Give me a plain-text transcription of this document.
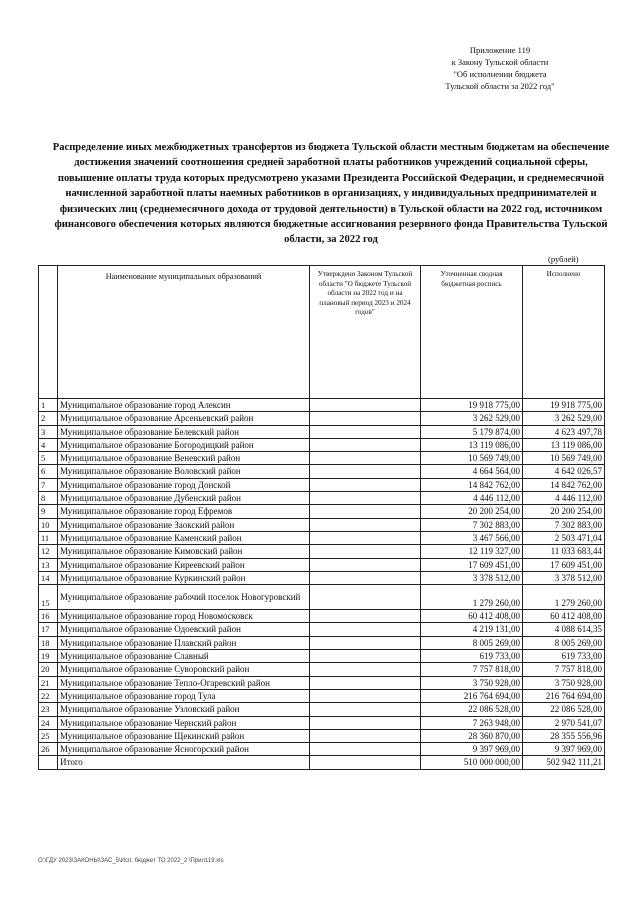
Приложение 119
к Закону Тульской области
"Об исполнении бюджета
Тульской области за 2022 год"
Распределение иных межбюджетных трансфертов из бюджета Тульской области местным бюджетам на обеспечение достижения значений соотношения средней заработной платы работников учреждений социальной сферы, повышение оплаты труда которых предусмотрено указами Президента Российской Федерации, и среднемесячной начисленной заработной платы наемных работников в организациях, у индивидуальных предпринимателей и физических лиц (среднемесячного дохода от трудовой деятельности) в Тульской области на 2022 год, источником финансового обеспечения которых являются бюджетные ассигнования резервного фонда Правительства Тульской области, за 2022 год
(рублей)
	Наименование муниципальных образований	Утверждено Законом Тульской области "О бюджете Тульской области на 2022 год и на плановый период 2023 и 2024 годов"	Уточненная сводная бюджетная роспись	Исполнено
1	Муниципальное образование город Алексин		19 918 775,00	19 918 775,00
2	Муниципальное образование Арсеньевский район		3 262 529,00	3 262 529,00
3	Муниципальное образование Белевский район		5 179 874,00	4 623 497,78
4	Муниципальное образование Богородицкий район		13 119 086,00	13 119 086,00
5	Муниципальное образование Веневский район		10 569 749,00	10 569 749,00
6	Муниципальное образование Воловский район		4 664 564,00	4 642 026,57
7	Муниципальное образование город Донской		14 842 762,00	14 842 762,00
8	Муниципальное образование Дубенский район		4 446 112,00	4 446 112,00
9	Муниципальное образование город Ефремов		20 200 254,00	20 200 254,00
10	Муниципальное образование Заокский район		7 302 883,00	7 302 883,00
11	Муниципальное образование Каменский район		3 467 566,00	2 503 471,04
12	Муниципальное образование Кимовский район		12 119 327,00	11 033 683,44
13	Муниципальное образование Киреевский район		17 609 451,00	17 609 451,00
14	Муниципальное образование Куркинский район		3 378 512,00	3 378 512,00
15	Муниципальное образование рабочий поселок Новогуровский		1 279 260,00	1 279 260,00
16	Муниципальное образование город Новомосковск		60 412 408,00	60 412 408,00
17	Муниципальное образование Одоевский район		4 219 131,00	4 088 614,35
18	Муниципальное образование Плавский район		8 005 269,00	8 005 269,00
19	Муниципальное образование Славный		619 733,00	619 733,00
20	Муниципальное образование Суворовский район		7 757 818,00	7 757 818,00
21	Муниципальное образование Тепло-Огаревский район		3 750 928,00	3 750 928,00
22	Муниципальное образование город Тула		216 764 694,00	216 764 694,00
23	Муниципальное образование Узловский район		22 086 528,00	22 086 528,00
24	Муниципальное образование Чернский район		7 263 948,00	2 970 541,07
25	Муниципальное образование Щекинский район		28 360 870,00	28 355 556,96
26	Муниципальное образование Ясногорский район		9 397 969,00	9 397 969,00
	Итого		510 000 000,00	502 942 111,21
O:\ГДУ 2023\ЗАКОНЫ\ЗАС_5\Исп. бюджет ТО 2022_2 \Прил119.xls
